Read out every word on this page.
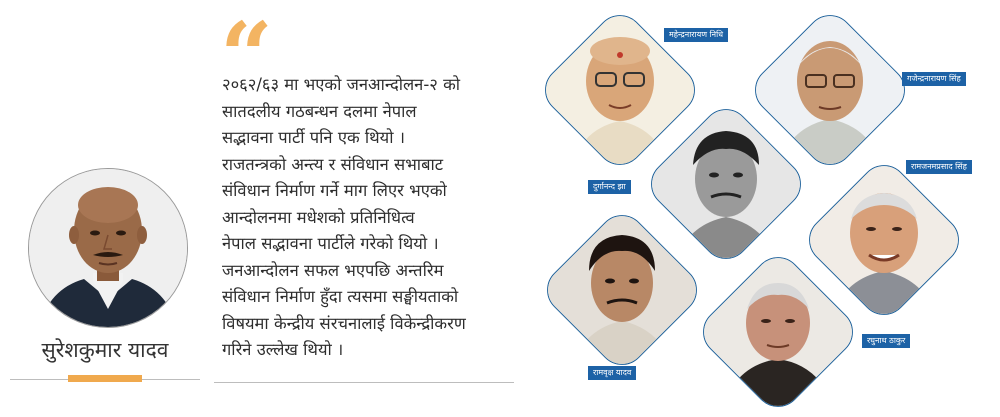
सुरेशकुमार यादव
“

२०६२/६३ मा भएको जनआन्दोलन-२ को
सातदलीय गठबन्धन दलमा नेपाल
सद्भावना पार्टी पनि एक थियो ।
राजतन्त्रको अन्त्य र संविधान सभाबाट
संविधान निर्माण गर्ने माग लिएर भएको
आन्दोलनमा मधेशको प्रतिनिधित्व
नेपाल सद्भावना पार्टीले गरेको थियो ।
जनआन्दोलन सफल भएपछि अन्तरिम
संविधान निर्माण हुँदा त्यसमा सङ्घीयताको
विषयमा केन्द्रीय संरचनालाई विकेन्द्रीकरण
गरिने उल्लेख थियो ।

महेन्द्रनारायण निधि
गजेन्द्रनारायण सिंह
दुर्गानन्द झा
रामजनमप्रसाद सिंह
रघुनाथ ठाकुर
रामवृक्ष यादव
